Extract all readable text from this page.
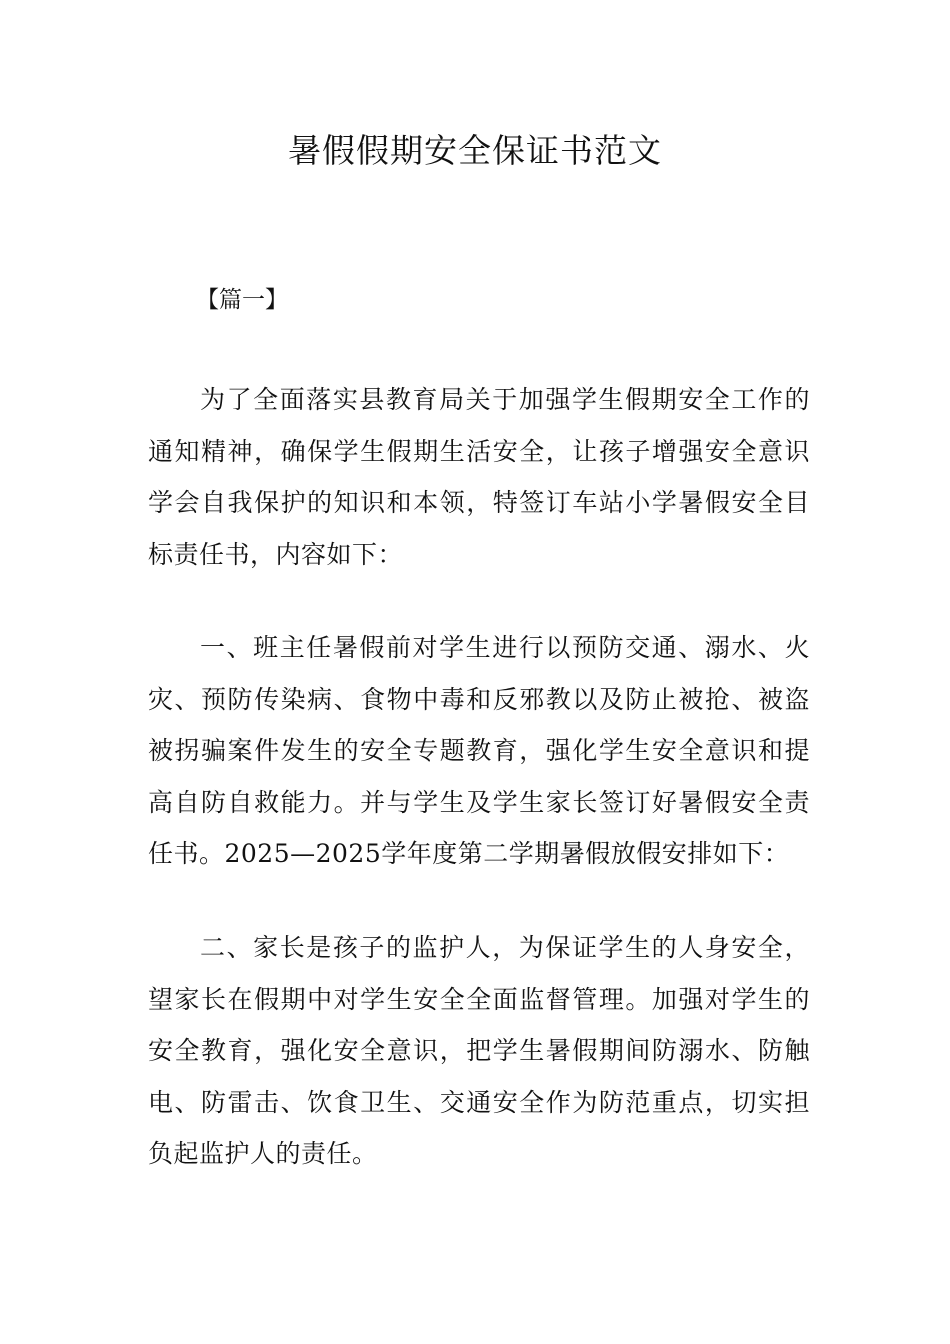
暑假假期安全保证书范文
【篇一】

为了全面落实县教育局关于加强学生假期安全工作的通知精神，确保学生假期生活安全，让孩子增强安全意识学会自我保护的知识和本领，特签订车站小学暑假安全目标责任书，内容如下：

一、班主任暑假前对学生进行以预防交通、溺水、火灾、预防传染病、食物中毒和反邪教以及防止被抢、被盗被拐骗案件发生的安全专题教育，强化学生安全意识和提高自防自救能力。并与学生及学生家长签订好暑假安全责任书。2025—2025学年度第二学期暑假放假安排如下：

二、家长是孩子的监护人，为保证学生的人身安全，望家长在假期中对学生安全全面监督管理。加强对学生的安全教育，强化安全意识，把学生暑假期间防溺水、防触电、防雷击、饮食卫生、交通安全作为防范重点，切实担负起监护人的责任。
